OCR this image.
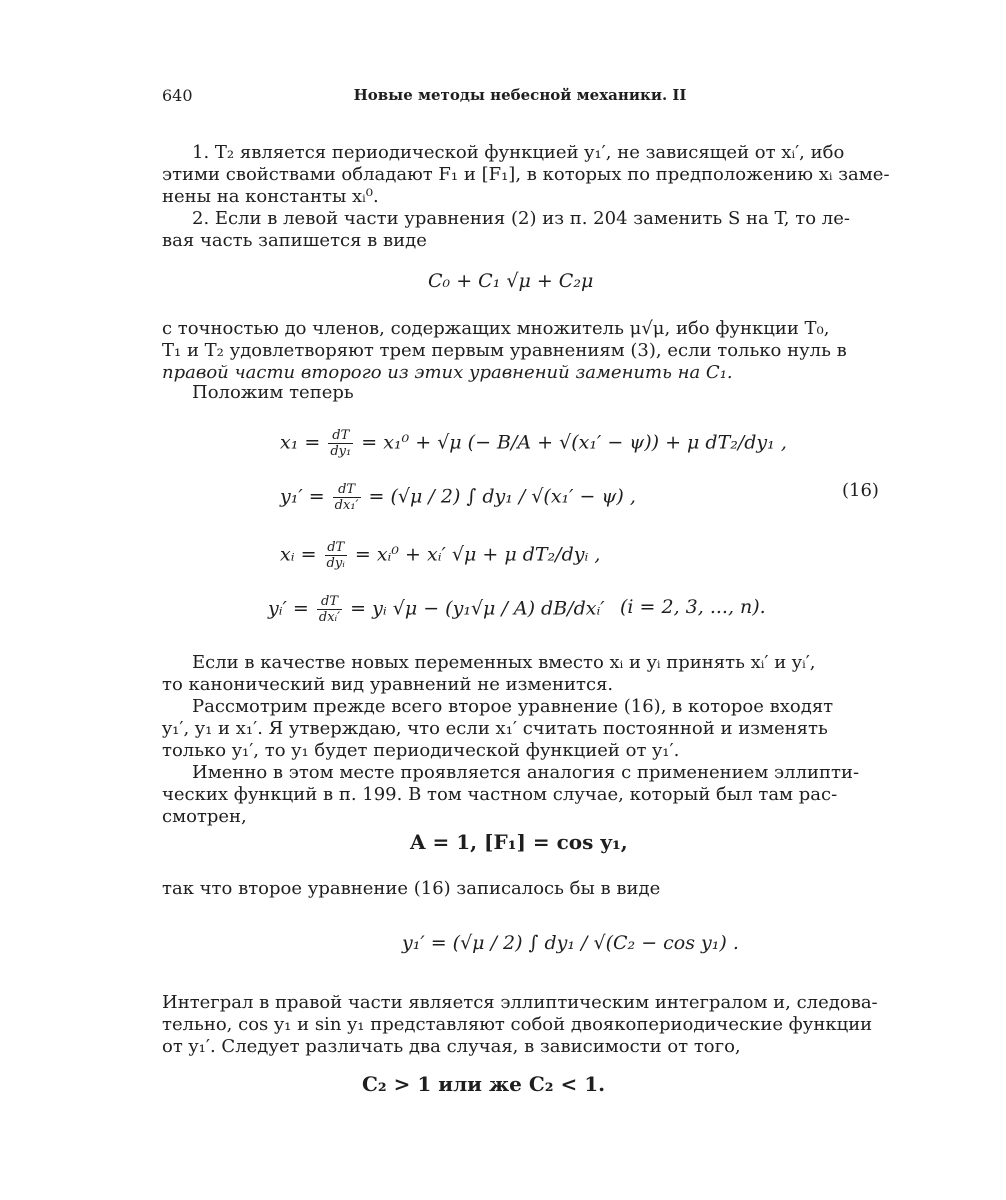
640	Новые методы небесной механики. II
1. T₂ является периодической функцией y₁′, не зависящей от xᵢ′, ибо
этими свойствами обладают F₁ и [F₁], в которых по предположению xᵢ заме-
нены на константы xᵢ⁰.
2. Если в левой части уравнения (2) из п. 204 заменить S на T, то ле-
вая часть запишется в виде
C₀ + C₁ √μ + C₂μ
с точностью до членов, содержащих множитель μ√μ, ибо функции T₀,
T₁ и T₂ удовлетворяют трем первым уравнениям (3), если только нуль в
правой части второго из этих уравнений заменить на C₁.
Положим теперь
$x_1 = \frac{dT}{\text{dy₁}} = x_1^0 + √\mu$ (− B/A + √(x₁′ − ψ)) + μ dT₂/dy₁ ,
$y_1' = \frac{dT}{\text{dx₁′}} = (√\mu / 2)$ ∫ dy₁ / √(x₁′ − ψ) ,	(16)
xᵢ = $\frac{dT}{\text{dyᵢ}}$ = xᵢ⁰ + xᵢ′ √μ + μ dT₂/dyᵢ ,
yᵢ′ = $\frac{dT}{\text{dxᵢ′}}$ = yᵢ √μ − (y₁√μ / A) dB/dxᵢ′ (i = 2, 3, ..., n).
Если в качестве новых переменных вместо xᵢ и yᵢ принять xᵢ′ и yᵢ′,
то канонический вид уравнений не изменится.
Рассмотрим прежде всего второе уравнение (16), в которое входят
y₁′, y₁ и x₁′. Я утверждаю, что если x₁′ считать постоянной и изменять
только y₁′, то y₁ будет периодической функцией от y₁′.
Именно в этом месте проявляется аналогия с применением эллипти-
ческих функций в п. 199. В том частном случае, который был там рас-
смотрен,
A = 1, [F₁] = cos y₁,
так что второе уравнение (16) записалось бы в виде
y₁′ = (√μ / 2) ∫ dy₁ / √(C₂ − cos y₁) .
Интеграл в правой части является эллиптическим интегралом и, следова-
тельно, cos y₁ и sin y₁ представляют собой двоякопериодические функции
от y₁′. Следует различать два случая, в зависимости от того,
C₂ > 1 или же C₂ < 1.
